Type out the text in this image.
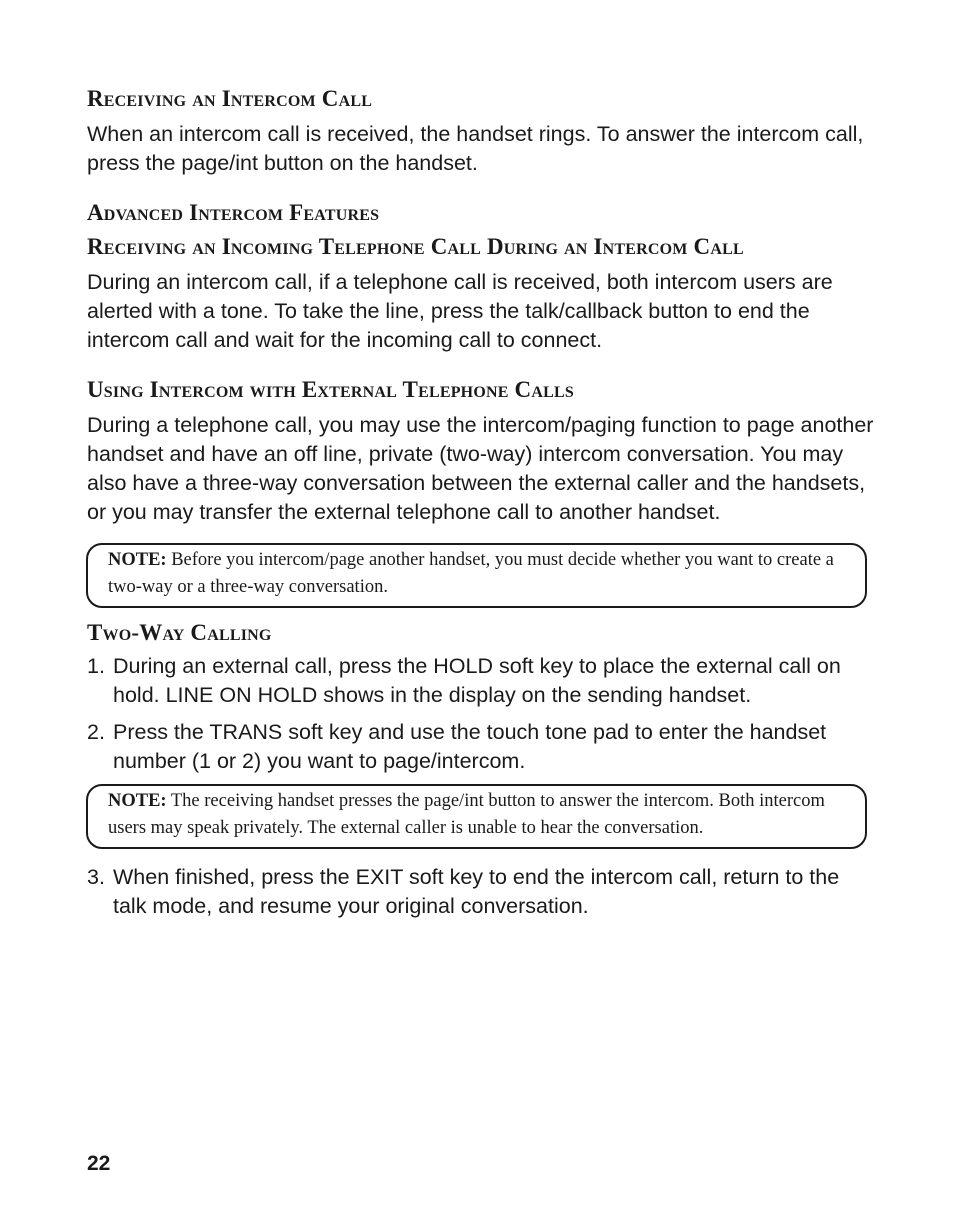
Receiving an Intercom Call

When an intercom call is received, the handset rings. To answer the intercom call, press the page/int button on the handset.

Advanced Intercom Features
Receiving an Incoming Telephone Call During an Intercom Call

During an intercom call, if a telephone call is received, both intercom users are alerted with a tone. To take the line, press the talk/callback button to end the intercom call and wait for the incoming call to connect.

Using Intercom with External Telephone Calls

During a telephone call, you may use the intercom/paging function to page another handset and have an off line, private (two-way) intercom conversation. You may also have a three-way conversation between the external caller and the handsets, or you may transfer the external telephone call to another handset.

NOTE: Before you intercom/page another handset, you must decide whether you want to create a two-way or a three-way conversation.
Two-Way Calling
1. During an external call, press the HOLD soft key to place the external call on hold. LINE ON HOLD shows in the display on the sending handset.
2. Press the TRANS soft key and use the touch tone pad to enter the handset number (1 or 2) you want to page/intercom.
NOTE: The receiving handset presses the page/int button to answer the intercom. Both intercom users may speak privately. The external caller is unable to hear the conversation.
3. When finished, press the EXIT soft key to end the intercom call, return to the talk mode, and resume your original conversation.
22
